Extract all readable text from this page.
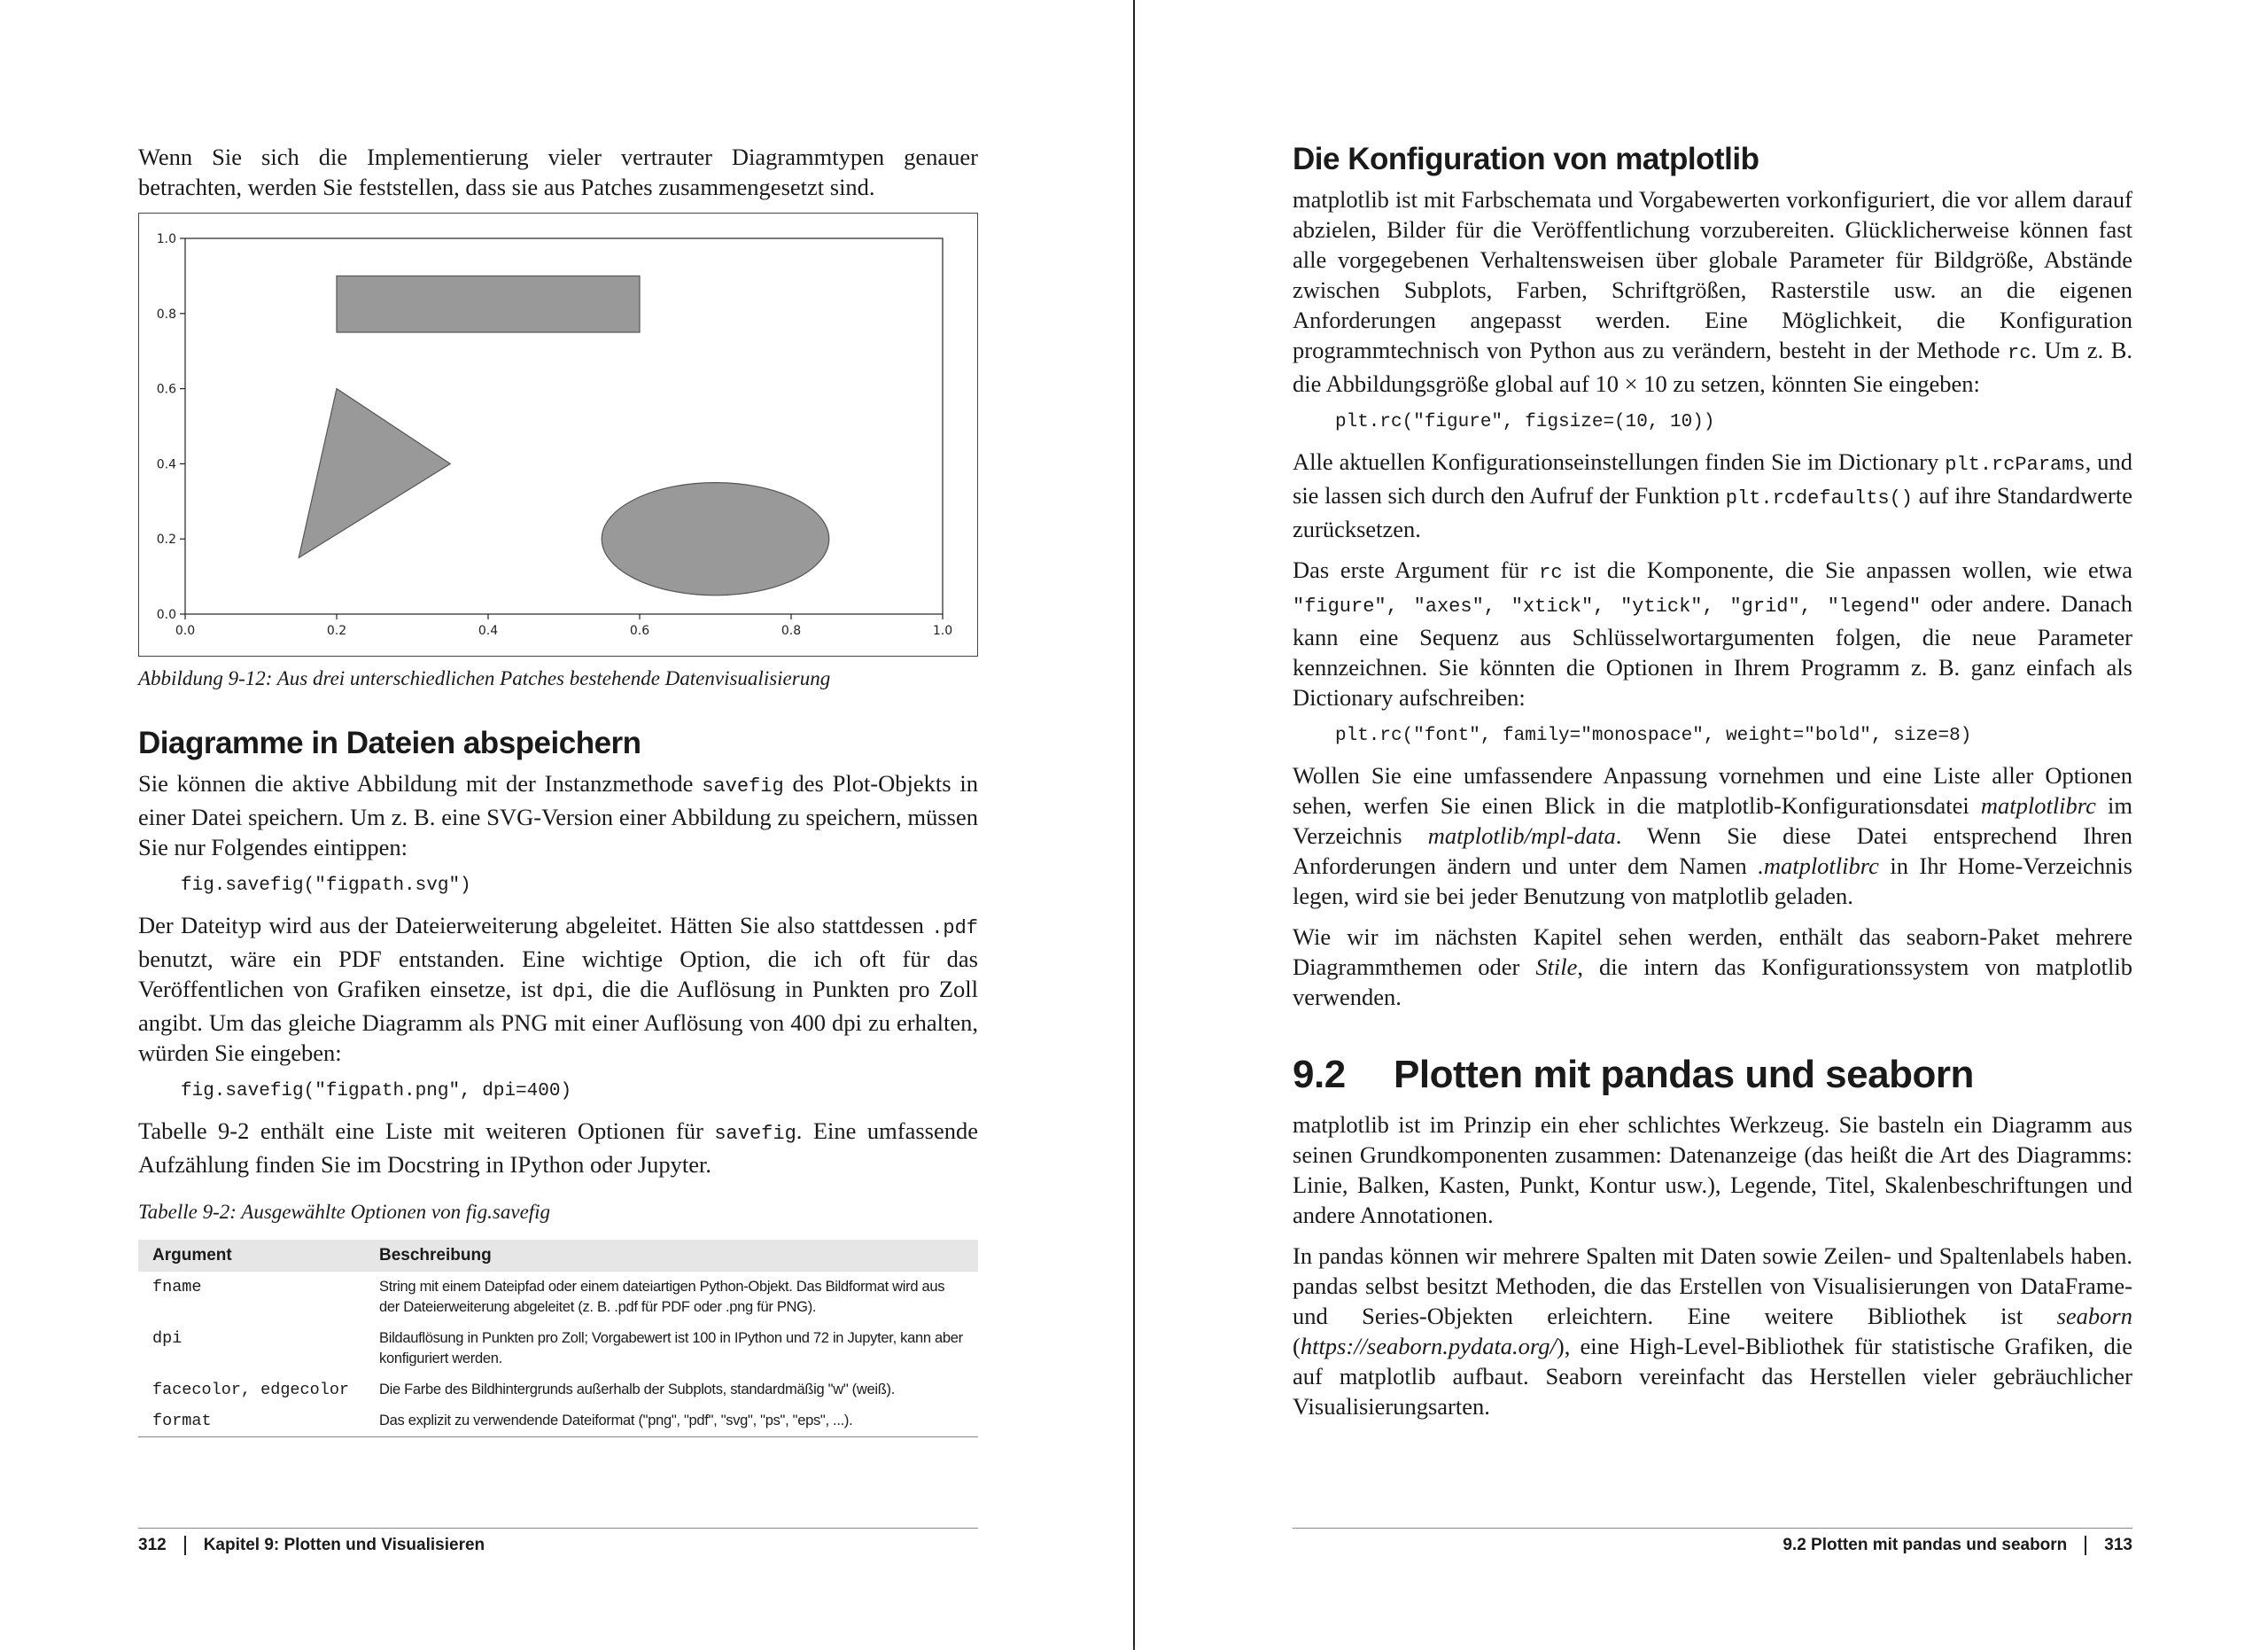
Wenn Sie sich die Implementierung vieler vertrauter Diagrammtypen genauer betrachten, werden Sie feststellen, dass sie aus Patches zusammengesetzt sind.

0.0	0.2	0.4	0.6	0.8	1.0
0.0
0.2
0.4
0.6
0.8
1.0
Abbildung 9-12: Aus drei unterschiedlichen Patches bestehende Datenvisualisierung
Diagramme in Dateien abspeichern

Sie können die aktive Abbildung mit der Instanzmethode savefig des Plot-Objekts in einer Datei speichern. Um z. B. eine SVG-Version einer Abbildung zu speichern, müssen Sie nur Folgendes eintippen:

fig.savefig("figpath.svg")

Der Dateityp wird aus der Dateierweiterung abgeleitet. Hätten Sie also stattdessen .pdf benutzt, wäre ein PDF entstanden. Eine wichtige Option, die ich oft für das Veröffentlichen von Grafiken einsetze, ist dpi, die die Auflösung in Punkten pro Zoll angibt. Um das gleiche Diagramm als PNG mit einer Auflösung von 400 dpi zu erhalten, würden Sie eingeben:

fig.savefig("figpath.png", dpi=400)

Tabelle 9-2 enthält eine Liste mit weiteren Optionen für savefig. Eine umfassende Aufzählung finden Sie im Docstring in IPython oder Jupyter.

Tabelle 9-2: Ausgewählte Optionen von fig.savefig
Argument	Beschreibung
fname	String mit einem Dateipfad oder einem dateiartigen Python-Objekt. Das Bildformat wird aus der Dateierweiterung abgeleitet (z. B. .pdf für PDF oder .png für PNG).
dpi	Bildauflösung in Punkten pro Zoll; Vorgabewert ist 100 in IPython und 72 in Jupyter, kann aber konfiguriert werden.
facecolor, edgecolor	Die Farbe des Bildhintergrunds außerhalb der Subplots, standardmäßig "w" (weiß).
format	Das explizit zu verwendende Dateiformat ("png", "pdf", "svg", "ps", "eps", ...).
312 Kapitel 9: Plotten und Visualisieren
Die Konfiguration von matplotlib

matplotlib ist mit Farbschemata und Vorgabewerten vorkonfiguriert, die vor allem darauf abzielen, Bilder für die Veröffentlichung vorzubereiten. Glücklicherweise können fast alle vorgegebenen Verhaltensweisen über globale Parameter für Bildgröße, Abstände zwischen Subplots, Farben, Schriftgrößen, Rasterstile usw. an die eigenen Anforderungen angepasst werden. Eine Möglichkeit, die Konfiguration programmtechnisch von Python aus zu verändern, besteht in der Methode rc. Um z. B. die Abbildungsgröße global auf 10 × 10 zu setzen, könnten Sie eingeben:

plt.rc("figure", figsize=(10, 10))

Alle aktuellen Konfigurationseinstellungen finden Sie im Dictionary plt.rcParams, und sie lassen sich durch den Aufruf der Funktion plt.rcdefaults() auf ihre Standardwerte zurücksetzen.

Das erste Argument für rc ist die Komponente, die Sie anpassen wollen, wie etwa "figure", "axes", "xtick", "ytick", "grid", "legend" oder andere. Danach kann eine Sequenz aus Schlüsselwortargumenten folgen, die neue Parameter kennzeichnen. Sie könnten die Optionen in Ihrem Programm z. B. ganz einfach als Dictionary aufschreiben:

plt.rc("font", family="monospace", weight="bold", size=8)

Wollen Sie eine umfassendere Anpassung vornehmen und eine Liste aller Optionen sehen, werfen Sie einen Blick in die matplotlib-Konfigurationsdatei matplotlibrc im Verzeichnis matplotlib/mpl-data. Wenn Sie diese Datei entsprechend Ihren Anforderungen ändern und unter dem Namen .matplotlibrc in Ihr Home-Verzeichnis legen, wird sie bei jeder Benutzung von matplotlib geladen.

Wie wir im nächsten Kapitel sehen werden, enthält das seaborn-Paket mehrere Diagrammthemen oder Stile, die intern das Konfigurationssystem von matplotlib verwenden.

9.2	Plotten mit pandas und seaborn

matplotlib ist im Prinzip ein eher schlichtes Werkzeug. Sie basteln ein Diagramm aus seinen Grundkomponenten zusammen: Datenanzeige (das heißt die Art des Diagramms: Linie, Balken, Kasten, Punkt, Kontur usw.), Legende, Titel, Skalenbeschriftungen und andere Annotationen.

In pandas können wir mehrere Spalten mit Daten sowie Zeilen- und Spaltenlabels haben. pandas selbst besitzt Methoden, die das Erstellen von Visualisierungen von DataFrame- und Series-Objekten erleichtern. Eine weitere Bibliothek ist seaborn (https://seaborn.pydata.org/), eine High-Level-Bibliothek für statistische Grafiken, die auf matplotlib aufbaut. Seaborn vereinfacht das Herstellen vieler gebräuchlicher Visualisierungsarten.

9.2 Plotten mit pandas und seaborn 313
